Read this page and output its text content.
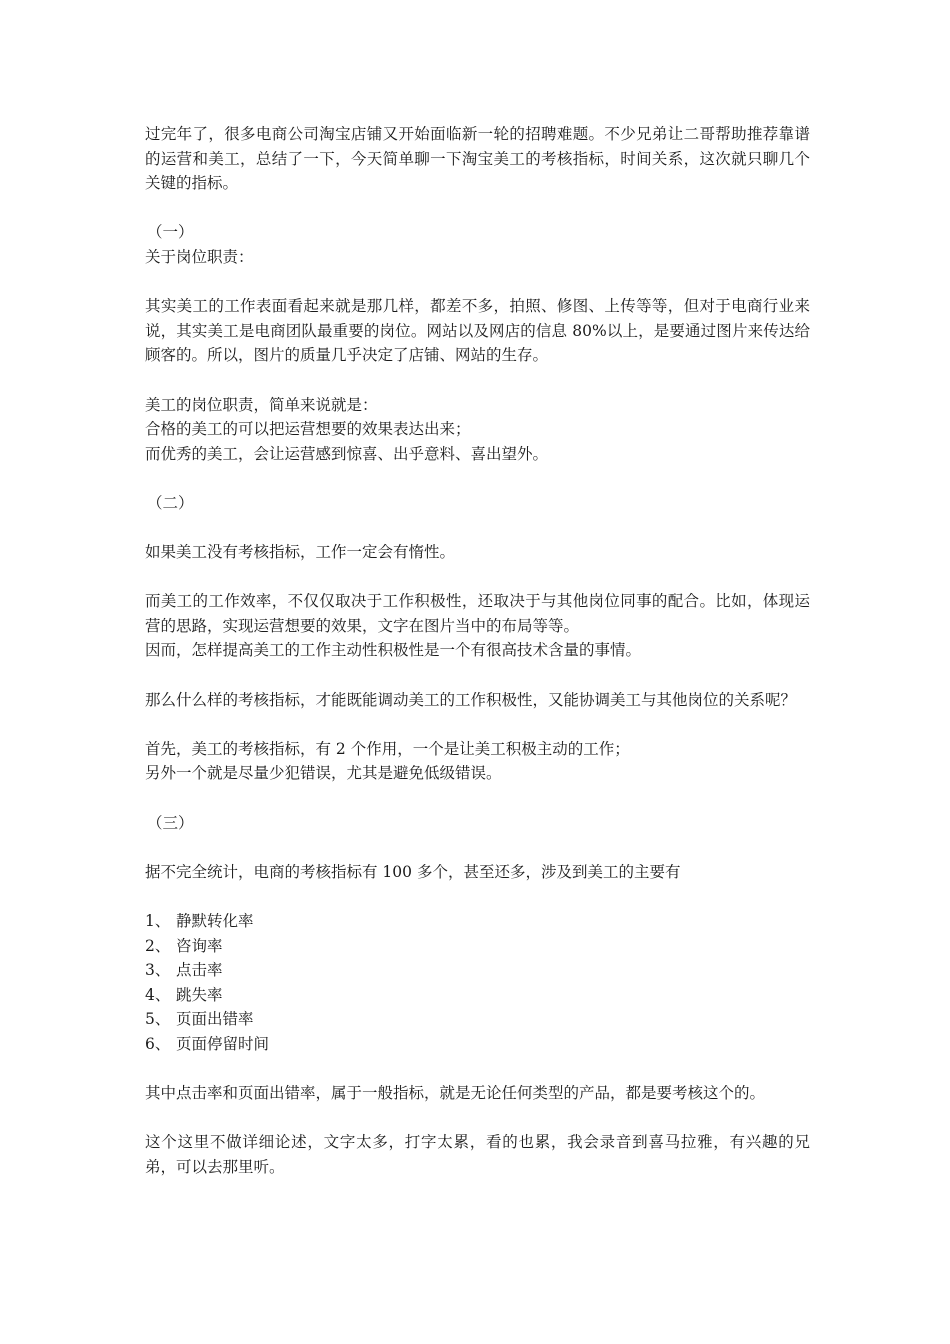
过完年了，很多电商公司淘宝店铺又开始面临新一轮的招聘难题。不少兄弟让二哥帮助推荐靠谱的运营和美工，总结了一下，今天简单聊一下淘宝美工的考核指标，时间关系，这次就只聊几个关键的指标。

（一）

关于岗位职责：

其实美工的工作表面看起来就是那几样，都差不多，拍照、修图、上传等等，但对于电商行业来说，其实美工是电商团队最重要的岗位。网站以及网店的信息 80%以上，是要通过图片来传达给顾客的。所以，图片的质量几乎决定了店铺、网站的生存。

美工的岗位职责，简单来说就是：

合格的美工的可以把运营想要的效果表达出来；

而优秀的美工，会让运营感到惊喜、出乎意料、喜出望外。

（二）

如果美工没有考核指标，工作一定会有惰性。

而美工的工作效率，不仅仅取决于工作积极性，还取决于与其他岗位同事的配合。比如，体现运营的思路，实现运营想要的效果，文字在图片当中的布局等等。

因而，怎样提高美工的工作主动性积极性是一个有很高技术含量的事情。

那么什么样的考核指标，才能既能调动美工的工作积极性，又能协调美工与其他岗位的关系呢？

首先，美工的考核指标，有 2 个作用，一个是让美工积极主动的工作；

另外一个就是尽量少犯错误，尤其是避免低级错误。

（三）

据不完全统计，电商的考核指标有 100 多个，甚至还多，涉及到美工的主要有

1、 静默转化率
2、 咨询率
3、 点击率
4、 跳失率
5、 页面出错率
6、 页面停留时间

其中点击率和页面出错率，属于一般指标，就是无论任何类型的产品，都是要考核这个的。

这个这里不做详细论述，文字太多，打字太累，看的也累，我会录音到喜马拉雅，有兴趣的兄弟，可以去那里听。
